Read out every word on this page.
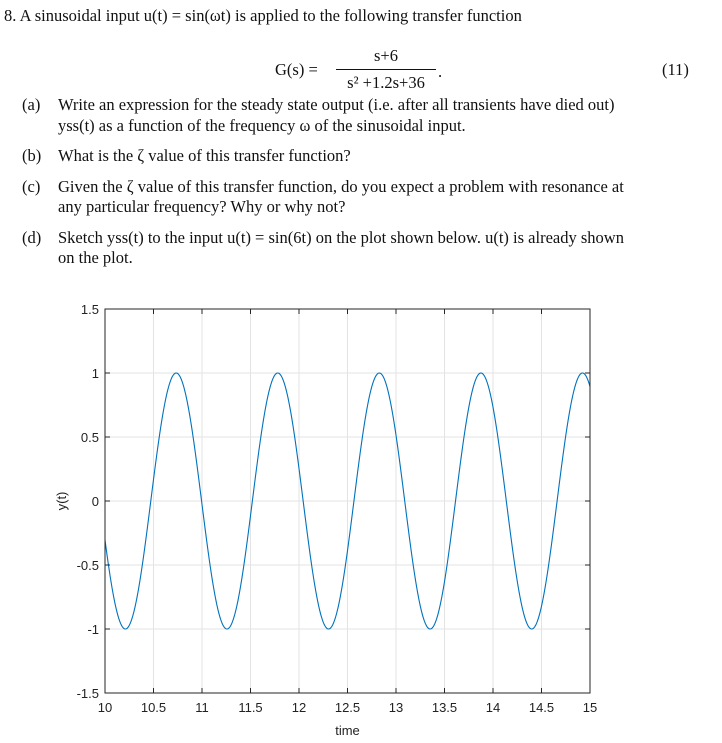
8. A sinusoidal input u(t) = sin(ωt) is applied to the following transfer function
G(s) =
s+6
s² +1.2s+36
.	(11)
(a) Write an expression for the steady state output (i.e. after all transients have died out)
yss(t) as a function of the frequency ω of the sinusoidal input.
(b) What is the ζ value of this transfer function?
(c) Given the ζ value of this transfer function, do you expect a problem with resonance at
any particular frequency? Why or why not?
(d) Sketch yss(t) to the input u(t) = sin(6t) on the plot shown below. u(t) is already shown
on the plot.
10 10.5 11 11.5 12 12.5 13 13.5 14 14.5 15
1.5
1
0.5
0
-0.5
-1
-1.5
time
y(t)
